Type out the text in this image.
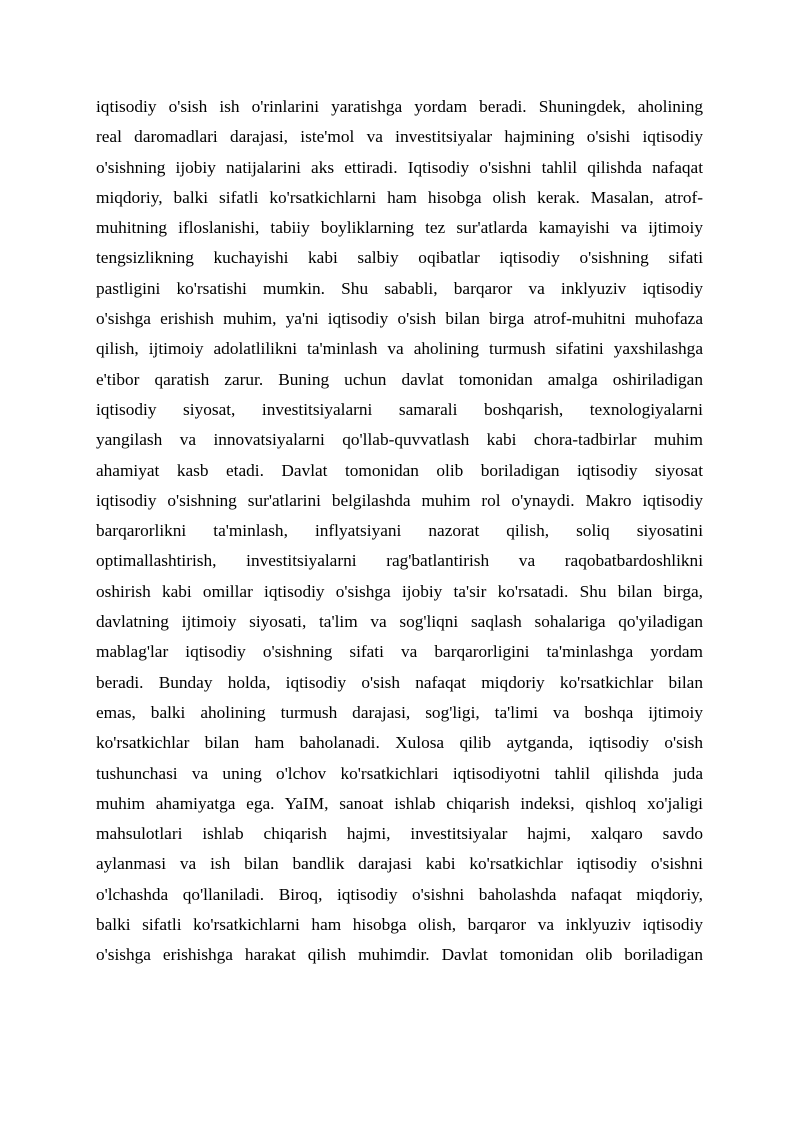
iqtisodiy o'sish ish o'rinlarini yaratishga yordam beradi. Shuningdek, aholining
real daromadlari darajasi, iste'mol va investitsiyalar hajmining o'sishi iqtisodiy
o'sishning ijobiy natijalarini aks ettiradi. Iqtisodiy o'sishni tahlil qilishda nafaqat
miqdoriy, balki sifatli ko'rsatkichlarni ham hisobga olish kerak. Masalan, atrof-
muhitning ifloslanishi, tabiiy boyliklarning tez sur'atlarda kamayishi va ijtimoiy
tengsizlikning kuchayishi kabi salbiy oqibatlar iqtisodiy o'sishning sifati
pastligini ko'rsatishi mumkin. Shu sababli, barqaror va inklyuziv iqtisodiy
o'sishga erishish muhim, ya'ni iqtisodiy o'sish bilan birga atrof-muhitni muhofaza
qilish, ijtimoiy adolatlilikni ta'minlash va aholining turmush sifatini yaxshilashga
e'tibor qaratish zarur. Buning uchun davlat tomonidan amalga oshiriladigan
iqtisodiy siyosat, investitsiyalarni samarali boshqarish, texnologiyalarni
yangilash va innovatsiyalarni qo'llab-quvvatlash kabi chora-tadbirlar muhim
ahamiyat kasb etadi. Davlat tomonidan olib boriladigan iqtisodiy siyosat
iqtisodiy o'sishning sur'atlarini belgilashda muhim rol o'ynaydi. Makro iqtisodiy
barqarorlikni ta'minlash, inflyatsiyani nazorat qilish, soliq siyosatini
optimallashtirish, investitsiyalarni rag'batlantirish va raqobatbardoshlikni
oshirish kabi omillar iqtisodiy o'sishga ijobiy ta'sir ko'rsatadi. Shu bilan birga,
davlatning ijtimoiy siyosati, ta'lim va sog'liqni saqlash sohalariga qo'yiladigan
mablag'lar iqtisodiy o'sishning sifati va barqarorligini ta'minlashga yordam
beradi. Bunday holda, iqtisodiy o'sish nafaqat miqdoriy ko'rsatkichlar bilan
emas, balki aholining turmush darajasi, sog'ligi, ta'limi va boshqa ijtimoiy
ko'rsatkichlar bilan ham baholanadi. Xulosa qilib aytganda, iqtisodiy o'sish
tushunchasi va uning o'lchov ko'rsatkichlari iqtisodiyotni tahlil qilishda juda
muhim ahamiyatga ega. YaIM, sanoat ishlab chiqarish indeksi, qishloq xo'jaligi
mahsulotlari ishlab chiqarish hajmi, investitsiyalar hajmi, xalqaro savdo
aylanmasi va ish bilan bandlik darajasi kabi ko'rsatkichlar iqtisodiy o'sishni
o'lchashda qo'llaniladi. Biroq, iqtisodiy o'sishni baholashda nafaqat miqdoriy,
balki sifatli ko'rsatkichlarni ham hisobga olish, barqaror va inklyuziv iqtisodiy
o'sishga erishishga harakat qilish muhimdir. Davlat tomonidan olib boriladigan
